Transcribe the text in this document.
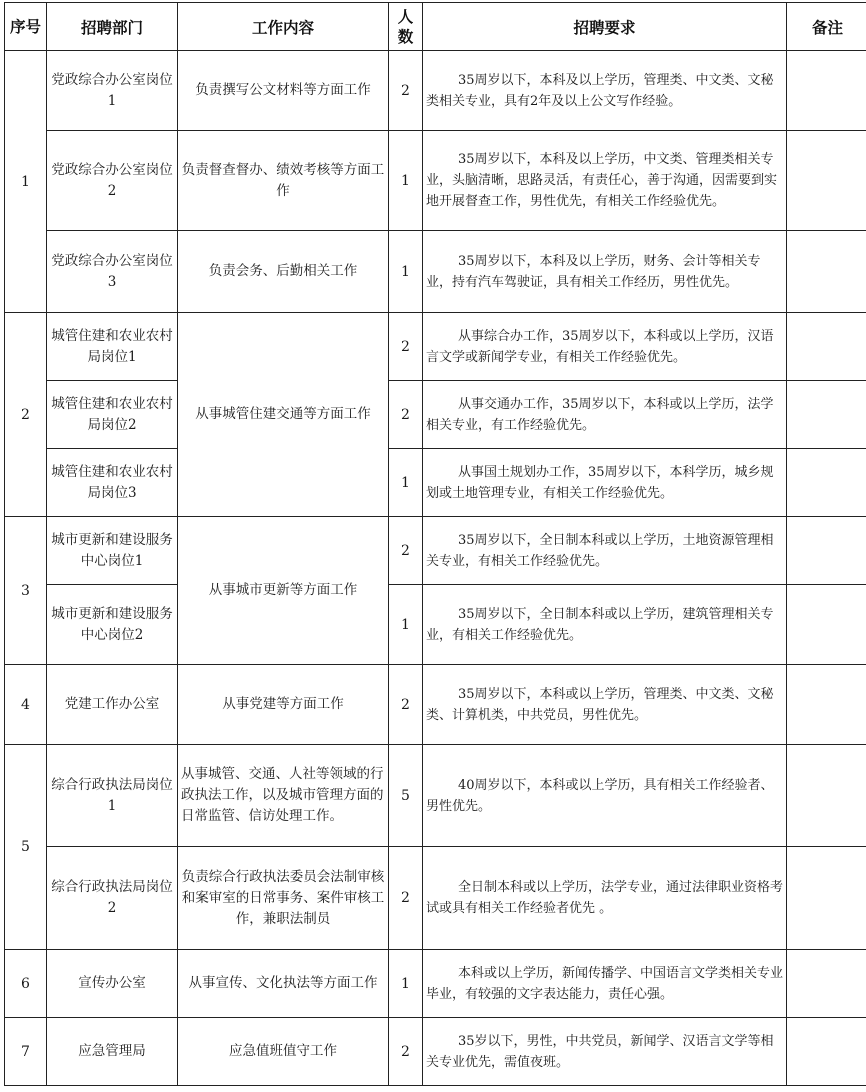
序号	招聘部门	工作内容	人数	招聘要求	备注
1	党政综合办公室岗位1	负责撰写公文材料等方面工作	2	35周岁以下，本科及以上学历，管理类、中文类、文秘类相关专业，具有2年及以上公文写作经验。	
	党政综合办公室岗位2	负责督查督办、绩效考核等方面工作	1	35周岁以下，本科及以上学历，中文类、管理类相关专业，头脑清晰，思路灵活，有责任心，善于沟通，因需要到实地开展督查工作，男性优先，有相关工作经验优先。	
	党政综合办公室岗位3	负责会务、后勤相关工作	1	35周岁以下，本科及以上学历，财务、会计等相关专业，持有汽车驾驶证，具有相关工作经历，男性优先。	
2	城管住建和农业农村局岗位1	从事城管住建交通等方面工作	2	从事综合办工作，35周岁以下，本科或以上学历，汉语言文学或新闻学专业，有相关工作经验优先。	
	城管住建和农业农村局岗位2		2	从事交通办工作，35周岁以下，本科或以上学历，法学相关专业，有工作经验优先。	
	城管住建和农业农村局岗位3		1	从事国土规划办工作，35周岁以下，本科学历，城乡规划或土地管理专业，有相关工作经验优先。	
3	城市更新和建设服务中心岗位1	从事城市更新等方面工作	2	35周岁以下，全日制本科或以上学历，土地资源管理相关专业，有相关工作经验优先。	
	城市更新和建设服务中心岗位2		1	35周岁以下，全日制本科或以上学历，建筑管理相关专业，有相关工作经验优先。	
4	党建工作办公室	从事党建等方面工作	2	35周岁以下，本科或以上学历，管理类、中文类、文秘类、计算机类，中共党员，男性优先。	
5	综合行政执法局岗位1	从事城管、交通、人社等领域的行政执法工作，以及城市管理方面的日常监管、信访处理工作。	5	40周岁以下，本科或以上学历，具有相关工作经验者、男性优先。	
	综合行政执法局岗位2	负责综合行政执法委员会法制审核和案审室的日常事务、案件审核工作，兼职法制员	2	全日制本科或以上学历，法学专业，通过法律职业资格考试或具有相关工作经验者优先 。	
6	宣传办公室	从事宣传、文化执法等方面工作	1	本科或以上学历，新闻传播学、中国语言文学类相关专业毕业，有较强的文字表达能力，责任心强。	
7	应急管理局	应急值班值守工作	2	35岁以下，男性，中共党员，新闻学、汉语言文学等相关专业优先，需值夜班。	
